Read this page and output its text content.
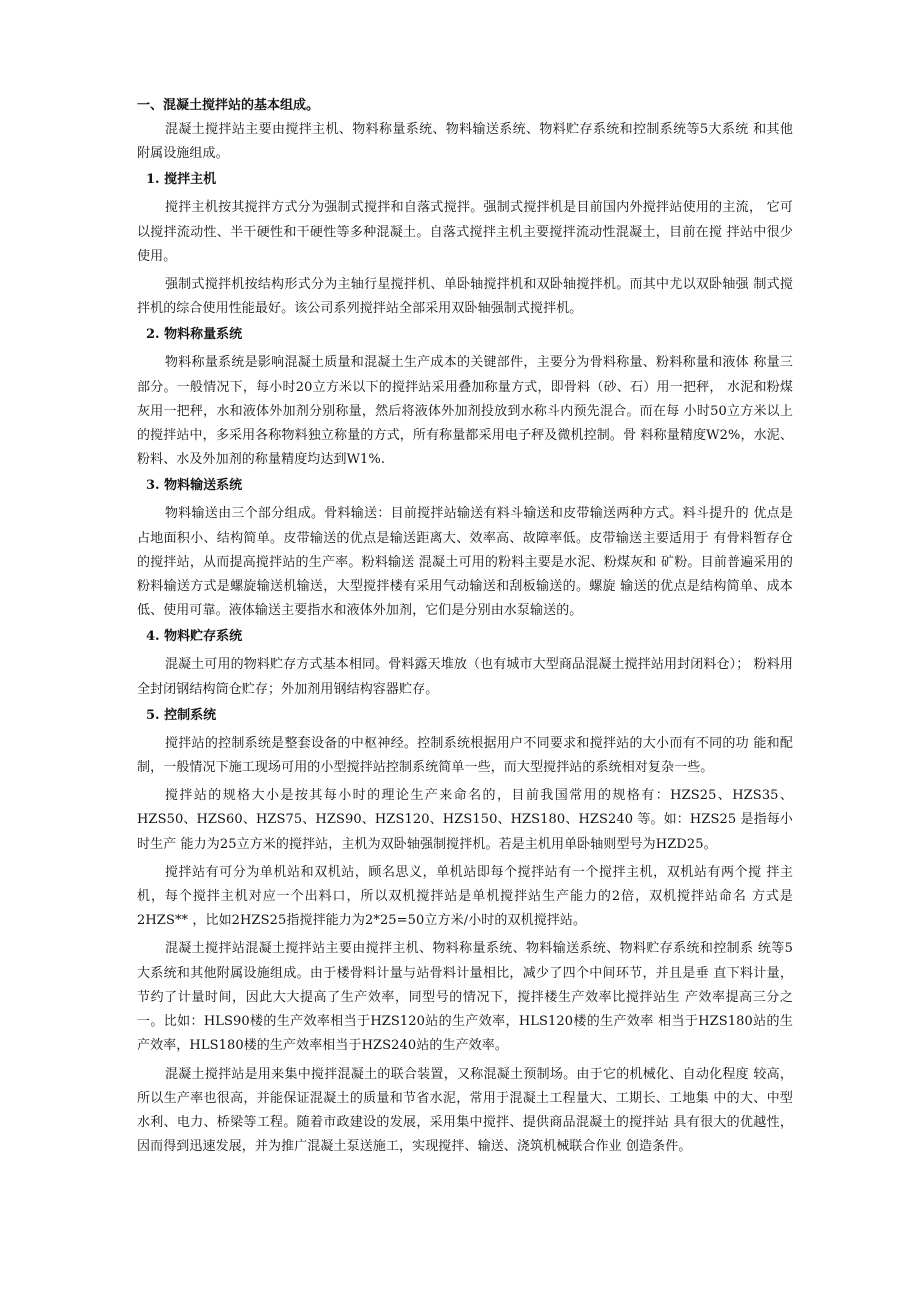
一、混凝土搅拌站的基本组成。
混凝土搅拌站主要由搅拌主机、物料称量系统、物料输送系统、物料贮存系统和控制系统等5大系统 和其他附属设施组成。
1. 搅拌主机
搅拌主机按其搅拌方式分为强制式搅拌和自落式搅拌。强制式搅拌机是目前国内外搅拌站使用的主流， 它可以搅拌流动性、半干硬性和干硬性等多种混凝土。自落式搅拌主机主要搅拌流动性混凝土，目前在搅 拌站中很少使用。
强制式搅拌机按结构形式分为主轴行星搅拌机、单卧轴搅拌机和双卧轴搅拌机。而其中尤以双卧轴强 制式搅拌机的综合使用性能最好。该公司系列搅拌站全部采用双卧轴强制式搅拌机。
2. 物料称量系统
物料称量系统是影响混凝土质量和混凝土生产成本的关键部件，主要分为骨料称量、粉料称量和液体 称量三部分。一般情况下，每小时20立方米以下的搅拌站采用叠加称量方式，即骨料（砂、石）用一把秤， 水泥和粉煤灰用一把秤，水和液体外加剂分别称量，然后将液体外加剂投放到水称斗内预先混合。而在每 小时50立方米以上的搅拌站中，多采用各称物料独立称量的方式，所有称量都采用电子秤及微机控制。骨 料称量精度W2%，水泥、粉料、水及外加剂的称量精度均达到W1%.
3. 物料输送系统
物料输送由三个部分组成。骨料输送：目前搅拌站输送有料斗输送和皮带输送两种方式。料斗提升的 优点是占地面积小、结构简单。皮带输送的优点是输送距离大、效率高、故障率低。皮带输送主要适用于 有骨料暂存仓的搅拌站，从而提高搅拌站的生产率。粉料输送 混凝土可用的粉料主要是水泥、粉煤灰和 矿粉。目前普遍采用的粉料输送方式是螺旋输送机输送，大型搅拌楼有采用气动输送和刮板输送的。螺旋 输送的优点是结构简单、成本低、使用可靠。液体输送主要指水和液体外加剂，它们是分别由水泵输送的。
4. 物料贮存系统
混凝土可用的物料贮存方式基本相同。骨料露天堆放（也有城市大型商品混凝土搅拌站用封闭料仓）； 粉料用全封闭钢结构筒仓贮存；外加剂用钢结构容器贮存。
5. 控制系统
搅拌站的控制系统是整套设备的中枢神经。控制系统根据用户不同要求和搅拌站的大小而有不同的功 能和配制，一般情况下施工现场可用的小型搅拌站控制系统简单一些，而大型搅拌站的系统相对复杂一些。
搅拌站的规格大小是按其每小时的理论生产来命名的，目前我国常用的规格有：HZS25、HZS35、 HZS50、HZS60、HZS75、HZS90、HZS120、HZS150、HZS180、HZS240 等。如：HZS25 是指每小时生产 能力为25立方米的搅拌站，主机为双卧轴强制搅拌机。若是主机用单卧轴则型号为HZD25。
搅拌站有可分为单机站和双机站，顾名思义，单机站即每个搅拌站有一个搅拌主机，双机站有两个搅 拌主机，每个搅拌主机对应一个出料口，所以双机搅拌站是单机搅拌站生产能力的2倍，双机搅拌站命名 方式是2HZS** ，比如2HZS25指搅拌能力为2*25=50立方米/小时的双机搅拌站。
混凝土搅拌站混凝土搅拌站主要由搅拌主机、物料称量系统、物料输送系统、物料贮存系统和控制系 统等5大系统和其他附属设施组成。由于楼骨料计量与站骨料计量相比，减少了四个中间环节，并且是垂 直下料计量，节约了计量时间，因此大大提高了生产效率，同型号的情况下，搅拌楼生产效率比搅拌站生 产效率提高三分之一。比如：HLS90楼的生产效率相当于HZS120站的生产效率，HLS120楼的生产效率 相当于HZS180站的生产效率，HLS180楼的生产效率相当于HZS240站的生产效率。
混凝土搅拌站是用来集中搅拌混凝土的联合装置，又称混凝土预制场。由于它的机械化、自动化程度 较高，所以生产率也很高，并能保证混凝土的质量和节省水泥，常用于混凝土工程量大、工期长、工地集 中的大、中型水利、电力、桥梁等工程。随着市政建设的发展，采用集中搅拌、提供商品混凝土的搅拌站 具有很大的优越性，因而得到迅速发展，并为推广混凝土泵送施工，实现搅拌、输送、浇筑机械联合作业 创造条件。
